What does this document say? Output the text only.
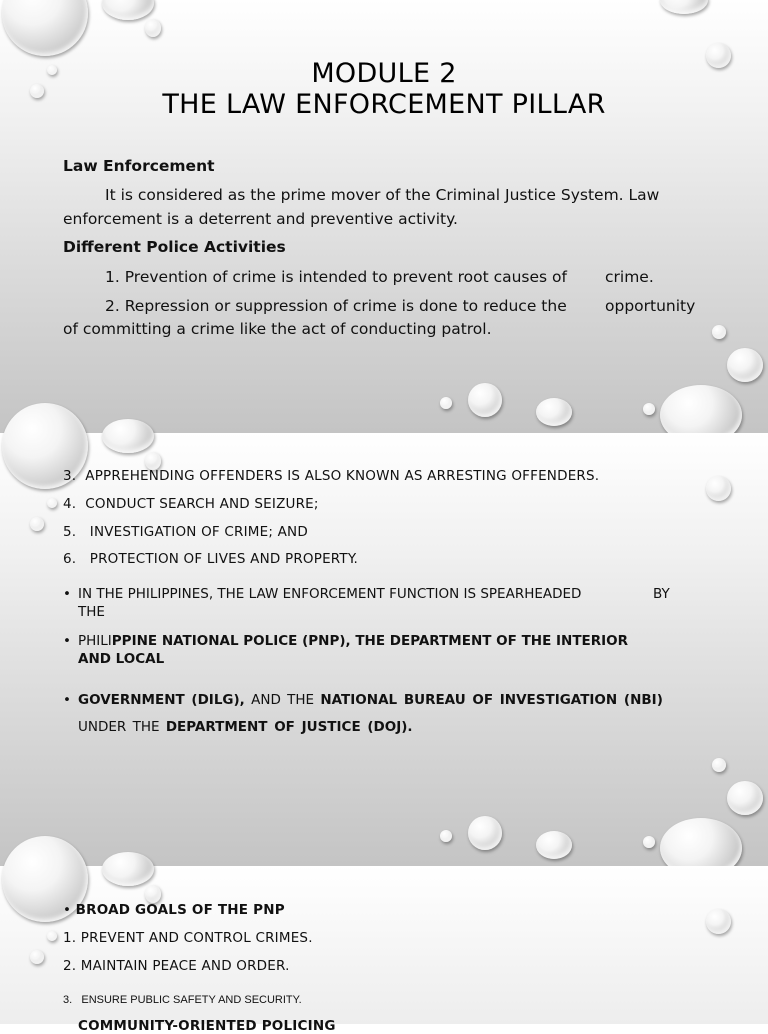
MODULE 2
THE LAW ENFORCEMENT PILLAR
Law Enforcement
It is considered as the prime mover of the Criminal Justice System. Law
enforcement is a deterrent and preventive activity.
Different Police Activities
1. Prevention of crime is intended to prevent root causes of crime.
2. Repression or suppression of crime is done to reduce the opportunity
of committing a crime like the act of conducting patrol.
3. APPREHENDING OFFENDERS IS ALSO KNOWN AS ARRESTING OFFENDERS.
4. CONDUCT SEARCH AND SEIZURE;
5. INVESTIGATION OF CRIME; AND
6. PROTECTION OF LIVES AND PROPERTY.
• IN THE PHILIPPINES, THE LAW ENFORCEMENT FUNCTION IS SPEARHEADED	BY
THE
• PHILIPPINE NATIONAL POLICE (PNP), THE DEPARTMENT OF THE INTERIOR
AND LOCAL
• GOVERNMENT (DILG), AND THE NATIONAL BUREAU OF INVESTIGATION (NBI)
UNDER THE DEPARTMENT OF JUSTICE (DOJ).
• BROAD GOALS OF THE PNP
1. PREVENT AND CONTROL CRIMES.
2. MAINTAIN PEACE AND ORDER.
3. ENSURE PUBLIC SAFETY AND SECURITY.
COMMUNITY-ORIENTED POLICING
